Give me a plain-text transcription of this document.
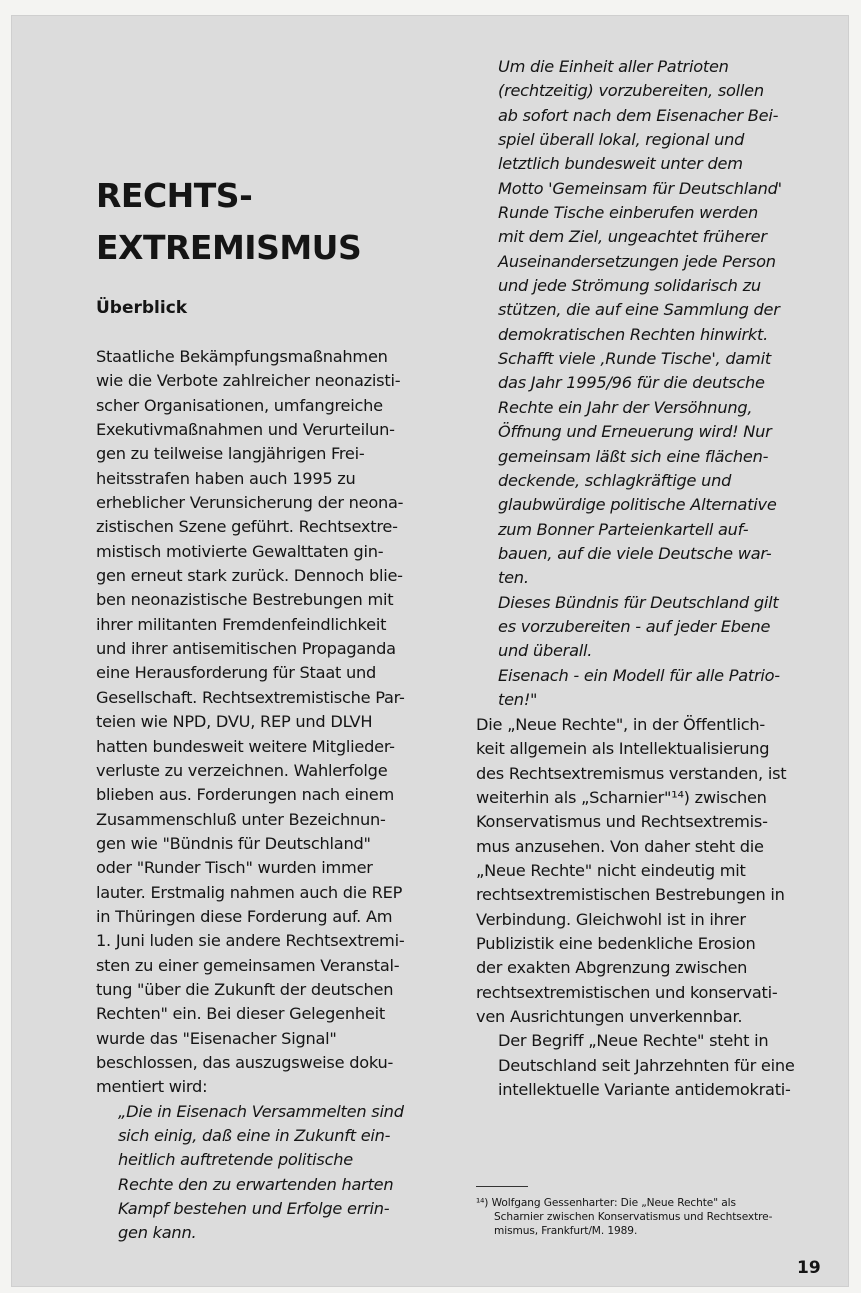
RECHTS-
EXTREMISMUS
Überblick
Staatliche Bekämpfungsmaßnahmen
wie die Verbote zahlreicher neonazisti-
scher Organisationen, umfangreiche
Exekutivmaßnahmen und Verurteilun-
gen zu teilweise langjährigen Frei-
heitsstrafen haben auch 1995 zu
erheblicher Verunsicherung der neona-
zistischen Szene geführt. Rechtsextre-
mistisch motivierte Gewalttaten gin-
gen erneut stark zurück. Dennoch blie-
ben neonazistische Bestrebungen mit
ihrer militanten Fremdenfeindlichkeit
und ihrer antisemitischen Propaganda
eine Herausforderung für Staat und
Gesellschaft. Rechtsextremistische Par-
teien wie NPD, DVU, REP und DLVH
hatten bundesweit weitere Mitglieder-
verluste zu verzeichnen. Wahlerfolge
blieben aus. Forderungen nach einem
Zusammenschluß unter Bezeichnun-
gen wie "Bündnis für Deutschland"
oder "Runder Tisch" wurden immer
lauter. Erstmalig nahmen auch die REP
in Thüringen diese Forderung auf. Am
1. Juni luden sie andere Rechtsextremi-
sten zu einer gemeinsamen Veranstal-
tung "über die Zukunft der deutschen
Rechten" ein. Bei dieser Gelegenheit
wurde das "Eisenacher Signal"
beschlossen, das auszugsweise doku-
mentiert wird:
„Die in Eisenach Versammelten sind
sich einig, daß eine in Zukunft ein-
heitlich auftretende politische
Rechte den zu erwartenden harten
Kampf bestehen und Erfolge errin-
gen kann.
Um die Einheit aller Patrioten
(rechtzeitig) vorzubereiten, sollen
ab sofort nach dem Eisenacher Bei-
spiel überall lokal, regional und
letztlich bundesweit unter dem
Motto 'Gemeinsam für Deutschland'
Runde Tische einberufen werden
mit dem Ziel, ungeachtet früherer
Auseinandersetzungen jede Person
und jede Strömung solidarisch zu
stützen, die auf eine Sammlung der
demokratischen Rechten hinwirkt.
Schafft viele ‚Runde Tische', damit
das Jahr 1995/96 für die deutsche
Rechte ein Jahr der Versöhnung,
Öffnung und Erneuerung wird! Nur
gemeinsam läßt sich eine flächen-
deckende, schlagkräftige und
glaubwürdige politische Alternative
zum Bonner Parteienkartell auf-
bauen, auf die viele Deutsche war-
ten.
Dieses Bündnis für Deutschland gilt
es vorzubereiten - auf jeder Ebene
und überall.
Eisenach - ein Modell für alle Patrio-
ten!"
Die „Neue Rechte", in der Öffentlich-
keit allgemein als Intellektualisierung
des Rechtsextremismus verstanden, ist
weiterhin als „Scharnier"¹⁴) zwischen
Konservatismus und Rechtsextremis-
mus anzusehen. Von daher steht die
„Neue Rechte" nicht eindeutig mit
rechtsextremistischen Bestrebungen in
Verbindung. Gleichwohl ist in ihrer
Publizistik eine bedenkliche Erosion
der exakten Abgrenzung zwischen
rechtsextremistischen und konservati-
ven Ausrichtungen unverkennbar.
Der Begriff „Neue Rechte" steht in
Deutschland seit Jahrzehnten für eine
intellektuelle Variante antidemokrati-
¹⁴) Wolfgang Gessenharter: Die „Neue Rechte" als
Scharnier zwischen Konservatismus und Rechtsextre-
mismus, Frankfurt/M. 1989.
19
